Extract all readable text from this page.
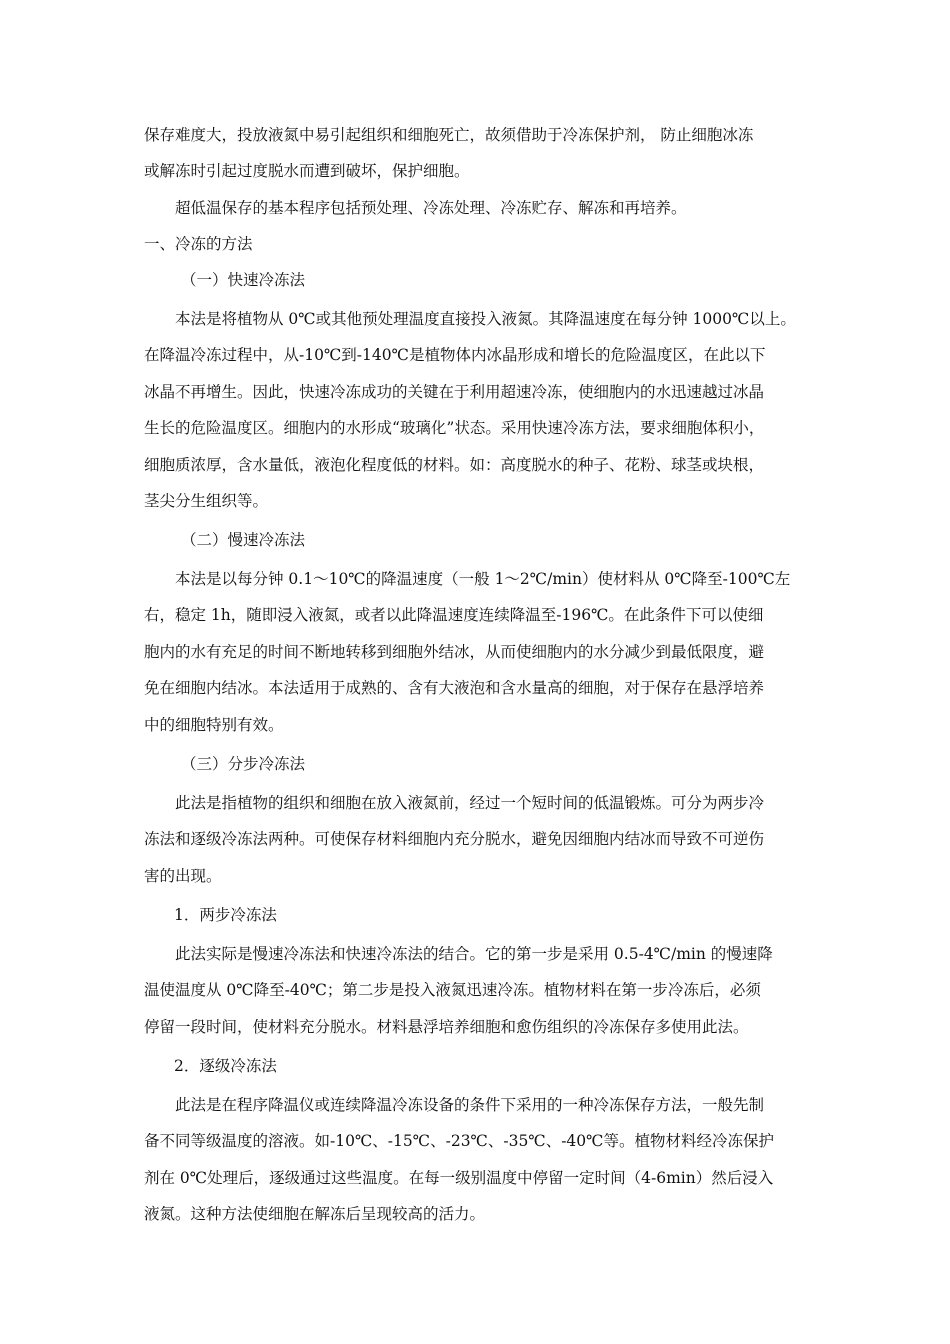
保存难度大，投放液氮中易引起组织和细胞死亡，故须借助于冷冻保护剂， 防止细胞冰冻

或解冻时引起过度脱水而遭到破坏，保护细胞。

超低温保存的基本程序包括预处理、冷冻处理、冷冻贮存、解冻和再培养。

一、冷冻的方法

（一）快速冷冻法

本法是将植物从 0℃或其他预处理温度直接投入液氮。其降温速度在每分钟 1000℃以上。

在降温冷冻过程中，从-10℃到-140℃是植物体内冰晶形成和增长的危险温度区，在此以下

冰晶不再增生。因此，快速冷冻成功的关键在于利用超速冷冻，使细胞内的水迅速越过冰晶

生长的危险温度区。细胞内的水形成“玻璃化”状态。采用快速冷冻方法，要求细胞体积小，

细胞质浓厚，含水量低，液泡化程度低的材料。如：高度脱水的种子、花粉、球茎或块根，

茎尖分生组织等。

（二）慢速冷冻法

本法是以每分钟 0.1～10℃的降温速度（一般 1～2℃/min）使材料从 0℃降至-100℃左

右，稳定 1h，随即浸入液氮，或者以此降温速度连续降温至-196℃。在此条件下可以使细

胞内的水有充足的时间不断地转移到细胞外结冰，从而使细胞内的水分减少到最低限度，避

免在细胞内结冰。本法适用于成熟的、含有大液泡和含水量高的细胞，对于保存在悬浮培养

中的细胞特别有效。

（三）分步冷冻法

此法是指植物的组织和细胞在放入液氮前，经过一个短时间的低温锻炼。可分为两步冷

冻法和逐级冷冻法两种。可使保存材料细胞内充分脱水，避免因细胞内结冰而导致不可逆伤

害的出现。

1．两步冷冻法

此法实际是慢速冷冻法和快速冷冻法的结合。它的第一步是采用 0.5-4℃/min 的慢速降

温使温度从 0℃降至-40℃；第二步是投入液氮迅速冷冻。植物材料在第一步冷冻后，必须

停留一段时间，使材料充分脱水。材料悬浮培养细胞和愈伤组织的冷冻保存多使用此法。

2．逐级冷冻法

此法是在程序降温仪或连续降温冷冻设备的条件下采用的一种冷冻保存方法，一般先制

备不同等级温度的溶液。如-10℃、-15℃、-23℃、-35℃、-40℃等。植物材料经冷冻保护

剂在 0℃处理后，逐级通过这些温度。在每一级别温度中停留一定时间（4-6min）然后浸入

液氮。这种方法使细胞在解冻后呈现较高的活力。
